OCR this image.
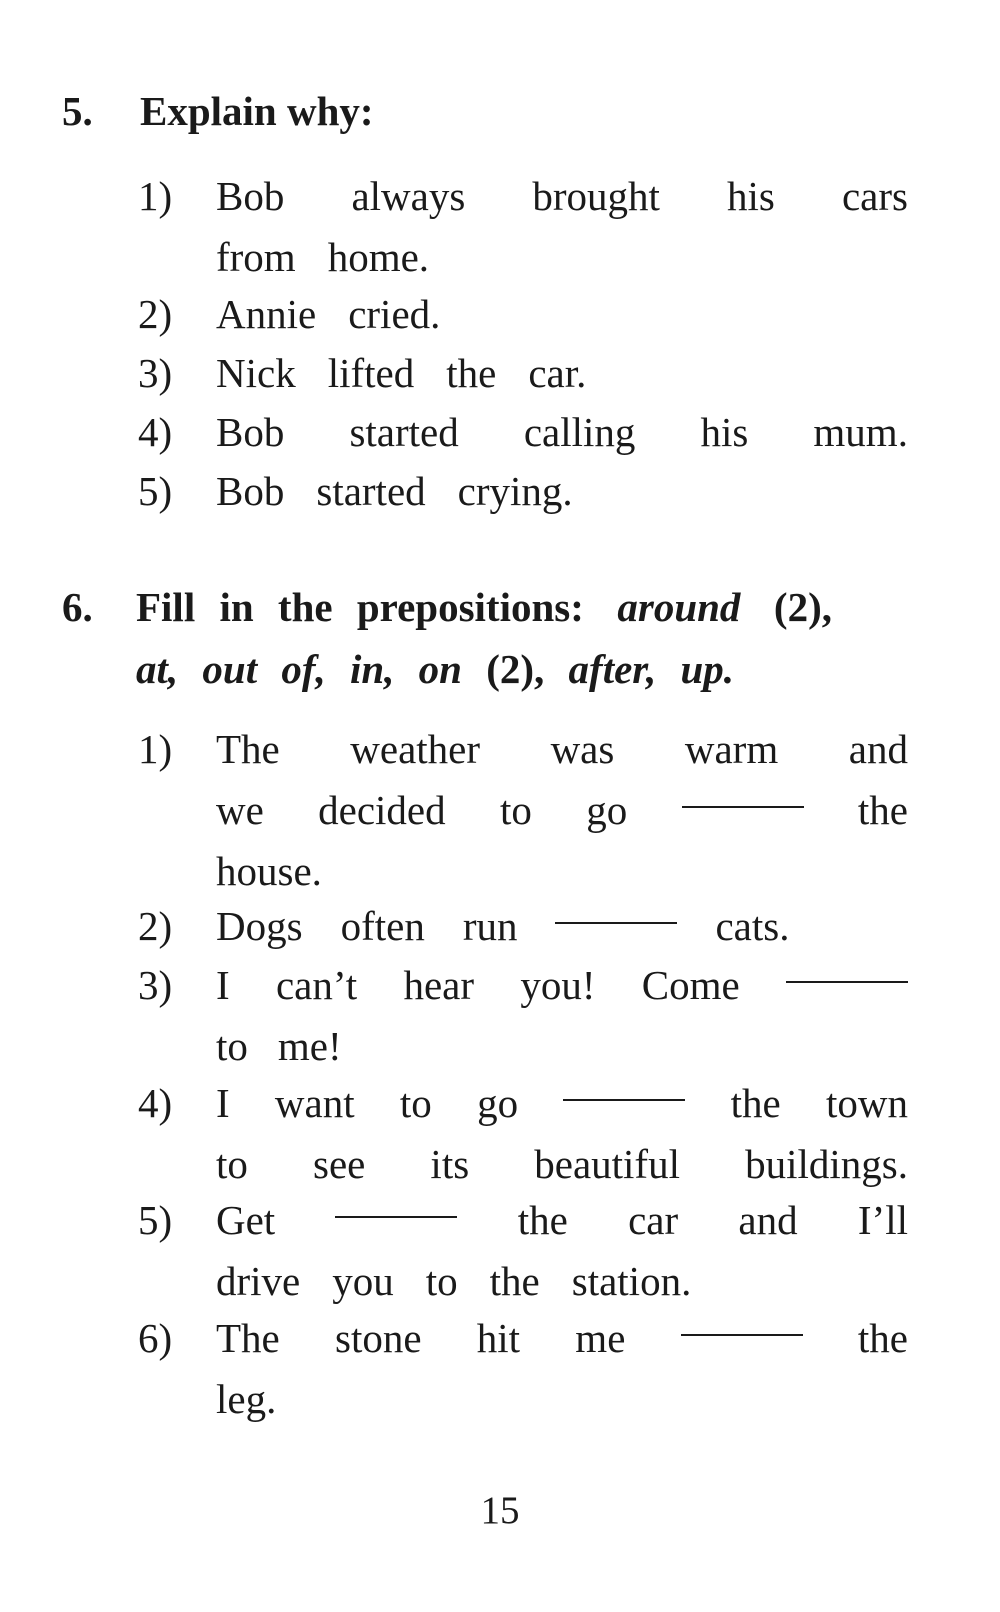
5. Explain why:
1)	Bob always brought his cars
from home.
2)	Annie cried.
3)	Nick lifted the car.
4)	Bob started calling his mum.
5)	Bob started crying.
6. Fill in the prepositions: around (2),
at, out of, in, on (2), after, up.
1)	The weather was warm and
we decided to go	the
house.
2)	Dogs often run	cats.
3)	I can’t hear you! Come
to me!
4)	I want to go	the town
to see its beautiful buildings.
5)	Get	the car and I’ll
drive you to the station.
6)	The stone hit me	the
leg.
15
